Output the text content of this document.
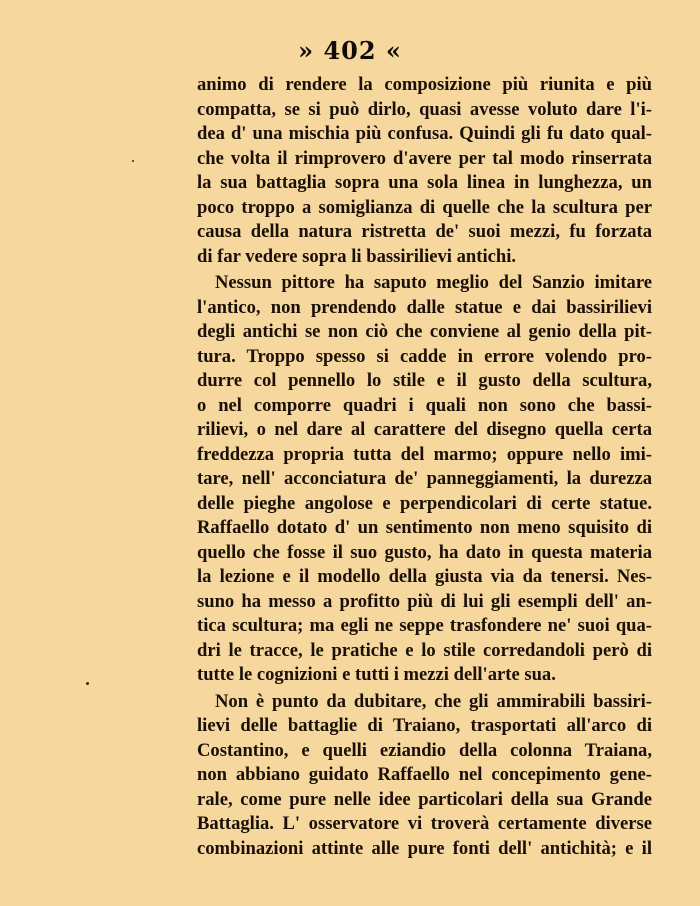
» 402 «
animo di rendere la composizione più riunita e più
compatta, se si può dirlo, quasi avesse voluto dare l'i-
dea d' una mischia più confusa. Quindi gli fu dato qual-
che volta il rimprovero d'avere per tal modo rinserrata
la sua battaglia sopra una sola linea in lunghezza, un
poco troppo a somiglianza di quelle che la scultura per
causa della natura ristretta de' suoi mezzi, fu forzata
di far vedere sopra li bassirilievi antichi.
Nessun pittore ha saputo meglio del Sanzio imitare
l'antico, non prendendo dalle statue e dai bassirilievi
degli antichi se non ciò che conviene al genio della pit-
tura. Troppo spesso si cadde in errore volendo pro-
durre col pennello lo stile e il gusto della scultura,
o nel comporre quadri i quali non sono che bassi-
rilievi, o nel dare al carattere del disegno quella certa
freddezza propria tutta del marmo; oppure nello imi-
tare, nell' acconciatura de' panneggiamenti, la durezza
delle pieghe angolose e perpendicolari di certe statue.
Raffaello dotato d' un sentimento non meno squisito di
quello che fosse il suo gusto, ha dato in questa materia
la lezione e il modello della giusta via da tenersi. Nes-
suno ha messo a profitto più di lui gli esempli dell' an-
tica scultura; ma egli ne seppe trasfondere ne' suoi qua-
dri le tracce, le pratiche e lo stile corredandoli però di
tutte le cognizioni e tutti i mezzi dell'arte sua.
Non è punto da dubitare, che gli ammirabili bassiri-
lievi delle battaglie di Traiano, trasportati all'arco di
Costantino, e quelli eziandio della colonna Traiana,
non abbiano guidato Raffaello nel concepimento gene-
rale, come pure nelle idee particolari della sua Grande
Battaglia. L' osservatore vi troverà certamente diverse
combinazioni attinte alle pure fonti dell' antichità; e il
